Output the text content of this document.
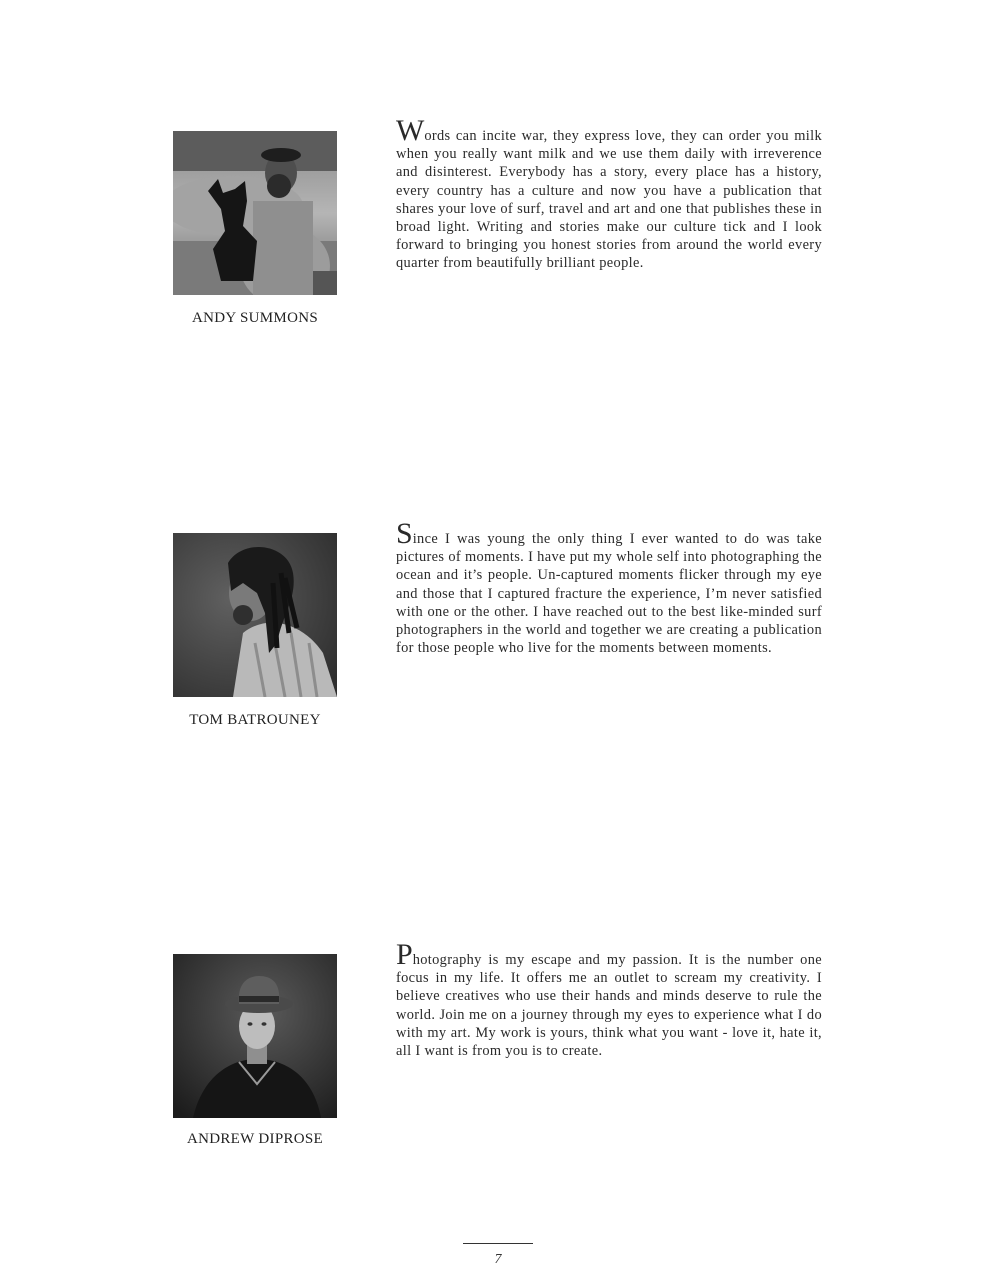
ANDY SUMMONS

Words can incite war, they express love, they can order you milk when you really want milk and we use them daily with irreverence and disinterest. Everybody has a story, every place has a history, every country has a culture and now you have a publication that shares your love of surf, travel and art and one that publishes these in broad light. Writing and stories make our culture tick and I look forward to bringing you honest stories from around the world every quarter from beautifully brilliant people.

TOM BATROUNEY

Since I was young the only thing I ever wanted to do was take pictures of moments. I have put my whole self into photographing the ocean and it’s people. Un-captured moments flicker through my eye and those that I captured fracture the experience, I’m never satisfied with one or the other. I have reached out to the best like-minded surf photographers in the world and together we are creating a publication for those people who live for the moments between moments.

ANDREW DIPROSE

Photography is my escape and my passion. It is the number one focus in my life. It offers me an outlet to scream my creativity. I believe creatives who use their hands and minds deserve to rule the world. Join me on a journey through my eyes to experience what I do with my art. My work is yours, think what you want - love it, hate it, all I want is from you is to create.

7
